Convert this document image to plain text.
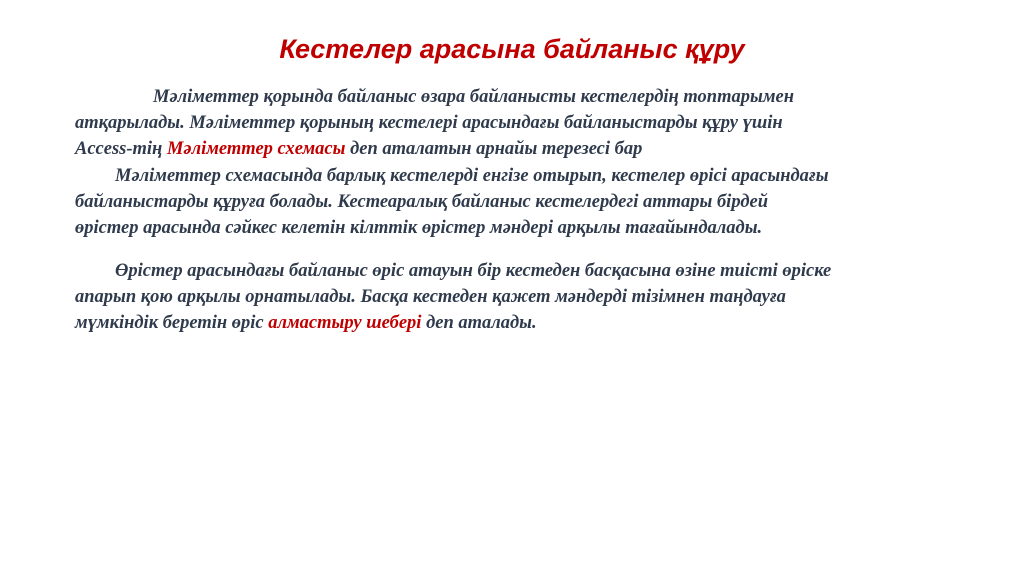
Кестелер арасына байланыс құру

Мәліметтер қорында байланыс өзара байланысты кестелердің топтарымен
атқарылады. Мәліметтер қорының кестелері арасындағы байланыстарды құру үшін
Access-тің Мәліметтер схемасы деп аталатын арнайы терезесі бар

Мәліметтер схемасында барлық кестелерді енгізе отырып, кестелер өрісі арасындағы
байланыстарды құруға болады. Кестеаралық байланыс кестелердегі аттары бірдей
өрістер арасында сәйкес келетін кілттік өрістер мәндері арқылы тағайындалады.

Өрістер арасындағы байланыс өріс атауын бір кестеден басқасына өзіне тиісті өріске
апарып қою арқылы орнатылады. Басқа кестеден қажет мәндерді тізімнен таңдауға
мүмкіндік беретін өріс алмастыру шебері деп аталады.
